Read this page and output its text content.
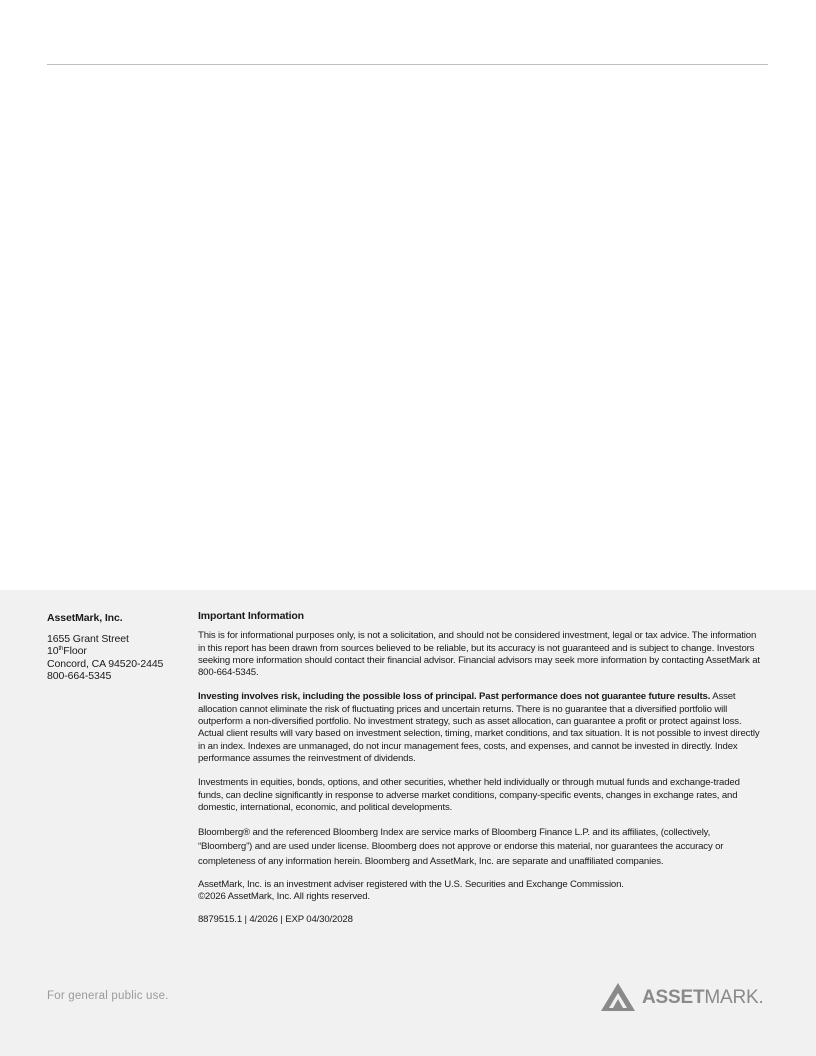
AssetMark, Inc.
1655 Grant Street
10thFloor
Concord, CA 94520-2445
800-664-5345
Important Information

This is for informational purposes only, is not a solicitation, and should not be considered investment, legal or tax advice. The information in this report has been drawn from sources believed to be reliable, but its accuracy is not guaranteed and is subject to change. Investors seeking more information should contact their financial advisor. Financial advisors may seek more information by contacting AssetMark at 800-664-5345.

Investing involves risk, including the possible loss of principal. Past performance does not guarantee future results. Asset allocation cannot eliminate the risk of fluctuating prices and uncertain returns. There is no guarantee that a diversified portfolio will outperform a non-diversified portfolio. No investment strategy, such as asset allocation, can guarantee a profit or protect against loss. Actual client results will vary based on investment selection, timing, market conditions, and tax situation. It is not possible to invest directly in an index. Indexes are unmanaged, do not incur management fees, costs, and expenses, and cannot be invested in directly. Index performance assumes the reinvestment of dividends.

Investments in equities, bonds, options, and other securities, whether held individually or through mutual funds and exchange-traded funds, can decline significantly in response to adverse market conditions, company-specific events, changes in exchange rates, and domestic, international, economic, and political developments.

Bloomberg® and the referenced Bloomberg Index are service marks of Bloomberg Finance L.P. and its affiliates, (collectively, “Bloomberg”) and are used under license. Bloomberg does not approve or endorse this material, nor guarantees the accuracy or completeness of any information herein. Bloomberg and AssetMark, Inc. are separate and unaffiliated companies.

AssetMark, Inc. is an investment adviser registered with the U.S. Securities and Exchange Commission.
©2026 AssetMark, Inc. All rights reserved.

8879515.1 | 4/2026 | EXP 04/30/2028

For general public use.	ASSETMARK.
